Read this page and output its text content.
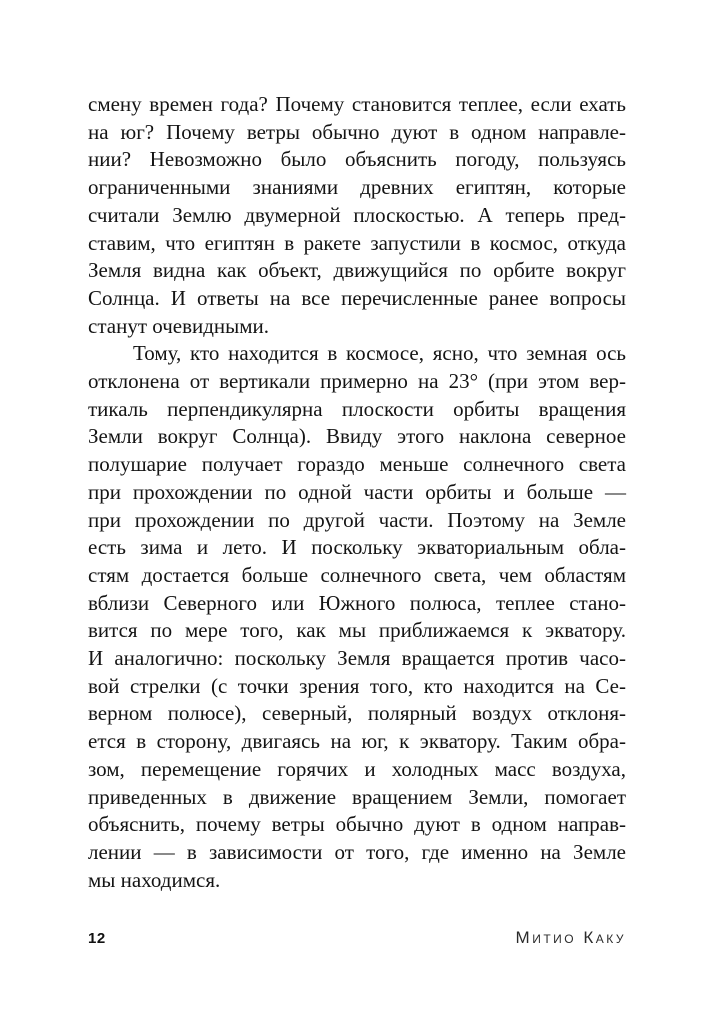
смену времен года? Почему становится теплее, если ехать
на юг? Почему ветры обычно дуют в одном направле-
нии? Невозможно было объяснить погоду, пользуясь
ограниченными знаниями древних египтян, которые
считали Землю двумерной плоскостью. А теперь пред-
ставим, что египтян в ракете запустили в космос, откуда
Земля видна как объект, движущийся по орбите вокруг
Солнца. И ответы на все перечисленные ранее вопросы
станут очевидными.
Тому, кто находится в космосе, ясно, что земная ось
отклонена от вертикали примерно на 23° (при этом вер-
тикаль перпендикулярна плоскости орбиты вращения
Земли вокруг Солнца). Ввиду этого наклона северное
полушарие получает гораздо меньше солнечного света
при прохождении по одной части орбиты и больше —
при прохождении по другой части. Поэтому на Земле
есть зима и лето. И поскольку экваториальным обла-
стям достается больше солнечного света, чем областям
вблизи Северного или Южного полюса, теплее стано-
вится по мере того, как мы приближаемся к экватору.
И аналогично: поскольку Земля вращается против часо-
вой стрелки (с точки зрения того, кто находится на Се-
верном полюсе), северный, полярный воздух отклоня-
ется в сторону, двигаясь на юг, к экватору. Таким обра-
зом, перемещение горячих и холодных масс воздуха,
приведенных в движение вращением Земли, помогает
объяснить, почему ветры обычно дуют в одном направ-
лении — в зависимости от того, где именно на Земле
мы находимся.
12	Митио Каку
